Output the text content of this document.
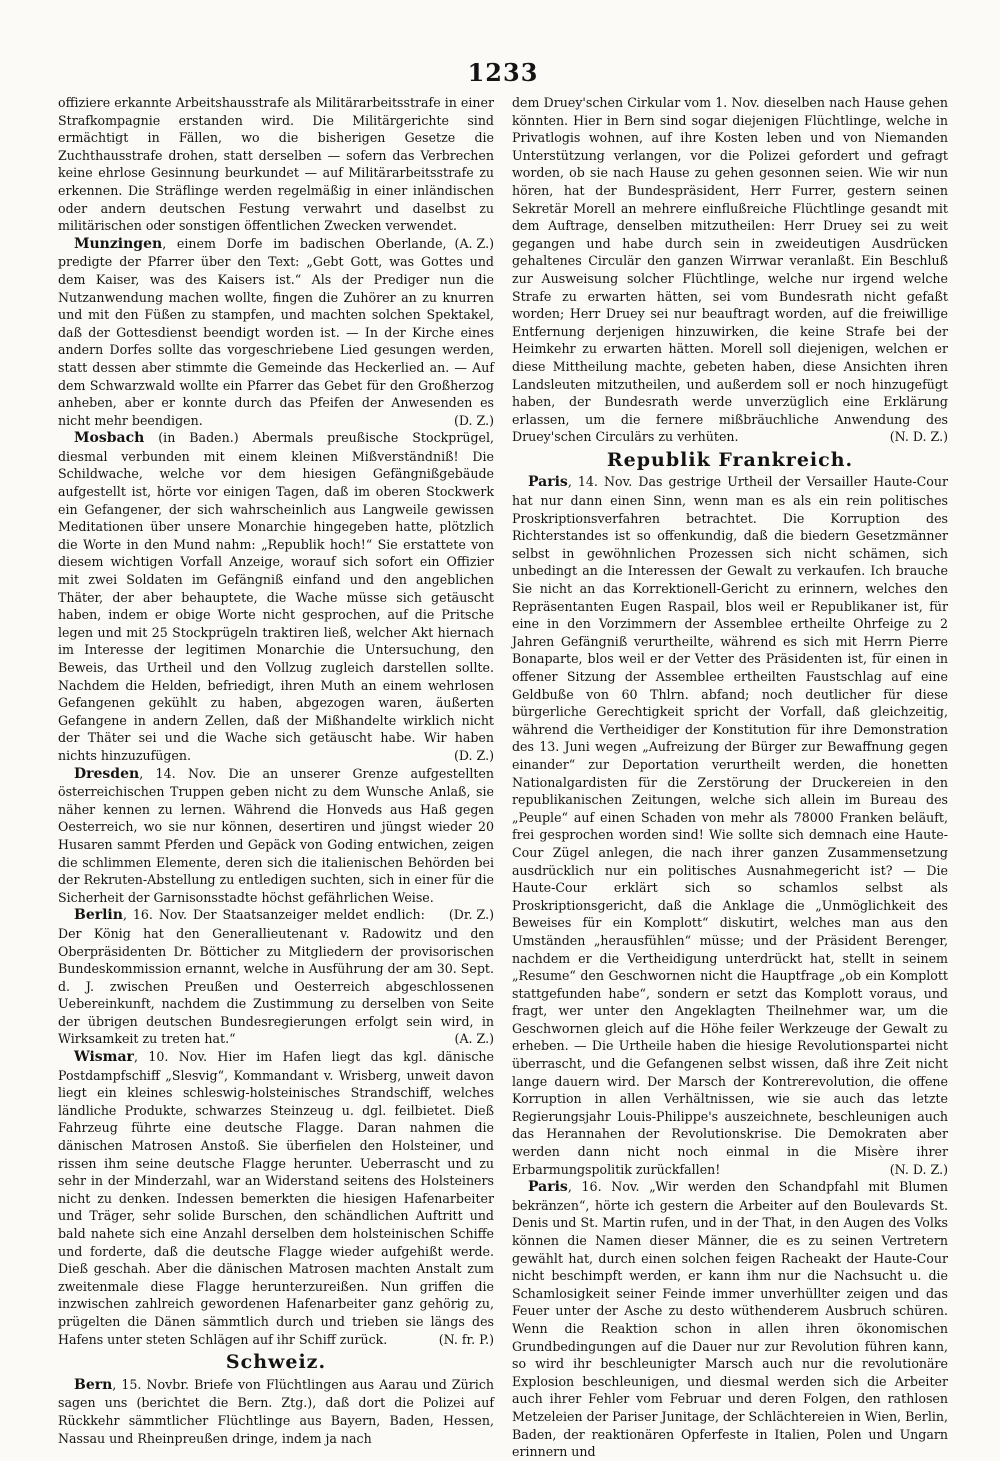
1233

offiziere erkannte Arbeitshausstrafe als Militärarbeitsstrafe in einer Strafkompagnie erstanden wird. Die Militärgerichte sind ermächtigt in Fällen, wo die bisherigen Gesetze die Zuchthausstrafe drohen, statt derselben — sofern das Verbrechen keine ehrlose Gesinnung beurkundet — auf Militärarbeitsstrafe zu erkennen. Die Sträflinge werden regelmäßig in einer inländischen oder andern deutschen Festung verwahrt und daselbst zu militärischen oder sonstigen öffentlichen Zwecken verwendet.
(A. Z.)

Munzingen, einem Dorfe im badischen Oberlande, predigte der Pfarrer über den Text: „Gebt Gott, was Gottes und dem Kaiser, was des Kaisers ist.“ Als der Prediger nun die Nutzanwendung machen wollte, fingen die Zuhörer an zu knurren und mit den Füßen zu stampfen, und machten solchen Spektakel, daß der Gottesdienst beendigt worden ist. — In der Kirche eines andern Dorfes sollte das vorgeschriebene Lied gesungen werden, statt dessen aber stimmte die Gemeinde das Heckerlied an. — Auf dem Schwarzwald wollte ein Pfarrer das Gebet für den Großherzog anheben, aber er konnte durch das Pfeifen der Anwesenden es nicht mehr beendigen.	(D. Z.)

Mosbach (in Baden.) Abermals preußische Stockprügel, diesmal verbunden mit einem kleinen Mißverständniß! Die Schildwache, welche vor dem hiesigen Gefängnißgebäude aufgestellt ist, hörte vor einigen Tagen, daß im oberen Stockwerk ein Gefangener, der sich wahrscheinlich aus Langweile gewissen Meditationen über unsere Monarchie hingegeben hatte, plötzlich die Worte in den Mund nahm: „Republik hoch!“ Sie erstattete von diesem wichtigen Vorfall Anzeige, worauf sich sofort ein Offizier mit zwei Soldaten im Gefängniß einfand und den angeblichen Thäter, der aber behauptete, die Wache müsse sich getäuscht haben, indem er obige Worte nicht gesprochen, auf die Pritsche legen und mit 25 Stockprügeln traktiren ließ, welcher Akt hiernach im Interesse der legitimen Monarchie die Untersuchung, den Beweis, das Urtheil und den Vollzug zugleich darstellen sollte. Nachdem die Helden, befriedigt, ihren Muth an einem wehrlosen Gefangenen gekühlt zu haben, abgezogen waren, äußerten Gefangene in andern Zellen, daß der Mißhandelte wirklich nicht der Thäter sei und die Wache sich getäuscht habe. Wir haben nichts hinzuzufügen.	(D. Z.)

Dresden, 14. Nov. Die an unserer Grenze aufgestellten österreichischen Truppen geben nicht zu dem Wunsche Anlaß, sie näher kennen zu lernen. Während die Honveds aus Haß gegen Oesterreich, wo sie nur können, desertiren und jüngst wieder 20 Husaren sammt Pferden und Gepäck von Goding entwichen, zeigen die schlimmen Elemente, deren sich die italienischen Behörden bei der Rekruten-Abstellung zu entledigen suchten, sich in einer für die Sicherheit der Garnisonsstadte höchst gefährlichen Weise.
(Dr. Z.)

Berlin, 16. Nov. Der Staatsanzeiger meldet endlich: Der König hat den Generallieutenant v. Radowitz und den Oberpräsidenten Dr. Bötticher zu Mitgliedern der provisorischen Bundeskommission ernannt, welche in Ausführung der am 30. Sept. d. J. zwischen Preußen und Oesterreich abgeschlossenen Uebereinkunft, nachdem die Zustimmung zu derselben von Seite der übrigen deutschen Bundesregierungen erfolgt sein wird, in Wirksamkeit zu treten hat.“	(A. Z.)

Wismar, 10. Nov. Hier im Hafen liegt das kgl. dänische Postdampfschiff „Slesvig“, Kommandant v. Wrisberg, unweit davon liegt ein kleines schleswig-holsteinisches Strandschiff, welches ländliche Produkte, schwarzes Steinzeug u. dgl. feilbietet. Dieß Fahrzeug führte eine deutsche Flagge. Daran nahmen die dänischen Matrosen Anstoß. Sie überfielen den Holsteiner, und rissen ihm seine deutsche Flagge herunter. Ueberrascht und zu sehr in der Minderzahl, war an Widerstand seitens des Holsteiners nicht zu denken. Indessen bemerkten die hiesigen Hafenarbeiter und Träger, sehr solide Burschen, den schändlichen Auftritt und bald nahete sich eine Anzahl derselben dem holsteinischen Schiffe und forderte, daß die deutsche Flagge wieder aufgehißt werde. Dieß geschah. Aber die dänischen Matrosen machten Anstalt zum zweitenmale diese Flagge herunterzureißen. Nun griffen die inzwischen zahlreich gewordenen Hafenarbeiter ganz gehörig zu, prügelten die Dänen sämmtlich durch und trieben sie längs des Hafens unter steten Schlägen auf ihr Schiff zurück.	(N. fr. P.)

Schweiz.

Bern, 15. Novbr. Briefe von Flüchtlingen aus Aarau und Zürich sagen uns (berichtet die Bern. Ztg.), daß dort die Polizei auf Rückkehr sämmtlicher Flüchtlinge aus Bayern, Baden, Hessen, Nassau und Rheinpreußen dringe, indem ja nach

dem Druey'schen Cirkular vom 1. Nov. dieselben nach Hause gehen könnten. Hier in Bern sind sogar diejenigen Flüchtlinge, welche in Privatlogis wohnen, auf ihre Kosten leben und von Niemanden Unterstützung verlangen, vor die Polizei gefordert und gefragt worden, ob sie nach Hause zu gehen gesonnen seien. Wie wir nun hören, hat der Bundespräsident, Herr Furrer, gestern seinen Sekretär Morell an mehrere einflußreiche Flüchtlinge gesandt mit dem Auftrage, denselben mitzutheilen: Herr Druey sei zu weit gegangen und habe durch sein in zweideutigen Ausdrücken gehaltenes Circulär den ganzen Wirrwar veranlaßt. Ein Beschluß zur Ausweisung solcher Flüchtlinge, welche nur irgend welche Strafe zu erwarten hätten, sei vom Bundesrath nicht gefaßt worden; Herr Druey sei nur beauftragt worden, auf die freiwillige Entfernung derjenigen hinzuwirken, die keine Strafe bei der Heimkehr zu erwarten hätten. Morell soll diejenigen, welchen er diese Mittheilung machte, gebeten haben, diese Ansichten ihren Landsleuten mitzutheilen, und außerdem soll er noch hinzugefügt haben, der Bundesrath werde unverzüglich eine Erklärung erlassen, um die fernere mißbräuchliche Anwendung des Druey'schen Circulärs zu verhüten.	(N. D. Z.)

Republik Frankreich.

Paris, 14. Nov. Das gestrige Urtheil der Versailler Haute-Cour hat nur dann einen Sinn, wenn man es als ein rein politisches Proskriptionsverfahren betrachtet. Die Korruption des Richterstandes ist so offenkundig, daß die biedern Gesetzmänner selbst in gewöhnlichen Prozessen sich nicht schämen, sich unbedingt an die Interessen der Gewalt zu verkaufen. Ich brauche Sie nicht an das Korrektionell-Gericht zu erinnern, welches den Repräsentanten Eugen Raspail, blos weil er Republikaner ist, für eine in den Vorzimmern der Assemblee ertheilte Ohrfeige zu 2 Jahren Gefängniß verurtheilte, während es sich mit Herrn Pierre Bonaparte, blos weil er der Vetter des Präsidenten ist, für einen in offener Sitzung der Assemblee ertheilten Faustschlag auf eine Geldbuße von 60 Thlrn. abfand; noch deutlicher für diese bürgerliche Gerechtigkeit spricht der Vorfall, daß gleichzeitig, während die Vertheidiger der Konstitution für ihre Demonstration des 13. Juni wegen „Aufreizung der Bürger zur Bewaffnung gegen einander“ zur Deportation verurtheilt werden, die honetten Nationalgardisten für die Zerstörung der Druckereien in den republikanischen Zeitungen, welche sich allein im Bureau des „Peuple“ auf einen Schaden von mehr als 78000 Franken beläuft, frei gesprochen worden sind! Wie sollte sich demnach eine Haute-Cour Zügel anlegen, die nach ihrer ganzen Zusammensetzung ausdrücklich nur ein politisches Ausnahmegericht ist? — Die Haute-Cour erklärt sich so schamlos selbst als Proskriptionsgericht, daß die Anklage die „Unmöglichkeit des Beweises für ein Komplott“ diskutirt, welches man aus den Umständen „herausfühlen“ müsse; und der Präsident Berenger, nachdem er die Vertheidigung unterdrückt hat, stellt in seinem „Resume“ den Geschwornen nicht die Hauptfrage „ob ein Komplott stattgefunden habe“, sondern er setzt das Komplott voraus, und fragt, wer unter den Angeklagten Theilnehmer war, um die Geschwornen gleich auf die Höhe feiler Werkzeuge der Gewalt zu erheben. — Die Urtheile haben die hiesige Revolutionspartei nicht überrascht, und die Gefangenen selbst wissen, daß ihre Zeit nicht lange dauern wird. Der Marsch der Kontrerevolution, die offene Korruption in allen Verhältnissen, wie sie auch das letzte Regierungsjahr Louis-Philippe's auszeichnete, beschleunigen auch das Herannahen der Revolutionskrise. Die Demokraten aber werden dann nicht noch einmal in die Misère ihrer Erbarmungspolitik zurückfallen!	(N. D. Z.)

Paris, 16. Nov. „Wir werden den Schandpfahl mit Blumen bekränzen“, hörte ich gestern die Arbeiter auf den Boulevards St. Denis und St. Martin rufen, und in der That, in den Augen des Volks können die Namen dieser Männer, die es zu seinen Vertretern gewählt hat, durch einen solchen feigen Racheakt der Haute-Cour nicht beschimpft werden, er kann ihm nur die Nachsucht u. die Schamlosigkeit seiner Feinde immer unverhüllter zeigen und das Feuer unter der Asche zu desto wüthenderem Ausbruch schüren. Wenn die Reaktion schon in allen ihren ökonomischen Grundbedingungen auf die Dauer nur zur Revolution führen kann, so wird ihr beschleunigter Marsch auch nur die revolutionäre Explosion beschleunigen, und diesmal werden sich die Arbeiter auch ihrer Fehler vom Februar und deren Folgen, den rathlosen Metzeleien der Pariser Junitage, der Schlächtereien in Wien, Berlin, Baden, der reaktionären Opferfeste in Italien, Polen und Ungarn erinnern und
